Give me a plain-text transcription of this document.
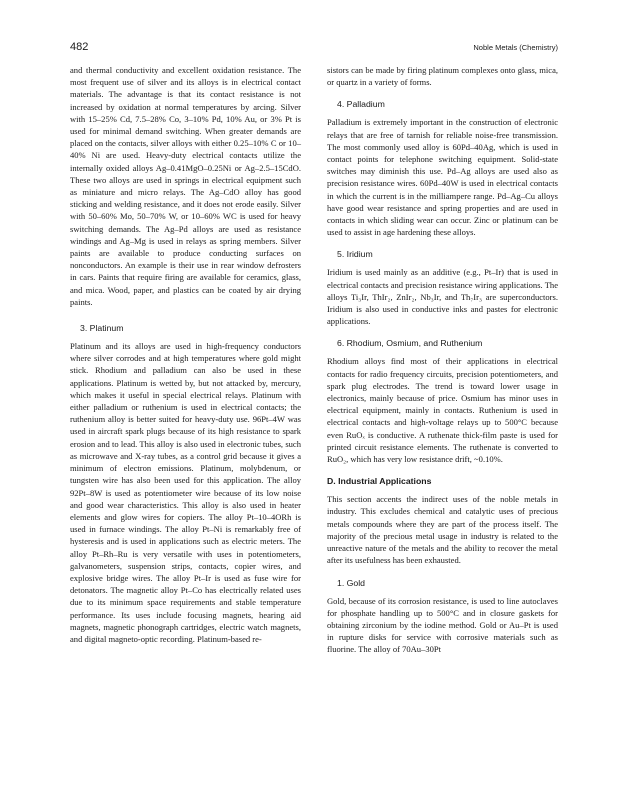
482	Noble Metals (Chemistry)

and thermal conductivity and excellent oxidation resistance. The most frequent use of silver and its alloys is in electrical contact materials. The advantage is that its contact resistance is not increased by oxidation at normal temperatures by arcing. Silver with 15–25% Cd, 7.5–28% Co, 3–10% Pd, 10% Au, or 3% Pt is used for minimal demand switching. When greater demands are placed on the contacts, silver alloys with either 0.25–10% C or 10–40% Ni are used. Heavy-duty electrical contacts utilize the internally oxided alloys Ag–0.41MgO–0.25Ni or Ag–2.5–15CdO. These two alloys are used in springs in electrical equipment such as miniature and micro relays. The Ag–CdO alloy has good sticking and welding resistance, and it does not erode easily. Silver with 50–60% Mo, 50–70% W, or 10–60% WC is used for heavy switching demands. The Ag–Pd alloys are used as resistance windings and Ag–Mg is used in relays as spring members. Silver paints are available to produce conducting surfaces on nonconductors. An example is their use in rear window defrosters in cars. Paints that require firing are available for ceramics, glass, and mica. Wood, paper, and plastics can be coated by air drying paints.

3. Platinum

Platinum and its alloys are used in high-frequency conductors where silver corrodes and at high temperatures where gold might stick. Rhodium and palladium can also be used in these applications. Platinum is wetted by, but not attacked by, mercury, which makes it useful in special electrical relays. Platinum with either palladium or ruthenium is used in electrical contacts; the ruthenium alloy is better suited for heavy-duty use. 96Pt–4W was used in aircraft spark plugs because of its high resistance to spark erosion and to lead. This alloy is also used in electronic tubes, such as microwave and X-ray tubes, as a control grid because it gives a minimum of electron emissions. Platinum, molybdenum, or tungsten wire has also been used for this application. The alloy 92Pt–8W is used as potentiometer wire because of its low noise and good wear characteristics. This alloy is also used in heater elements and glow wires for copiers. The alloy Pt–10–4ORh is used in furnace windings. The alloy Pt–Ni is remarkably free of hysteresis and is used in applications such as electric meters. The alloy Pt–Rh–Ru is very versatile with uses in potentiometers, galvanometers, suspension strips, contacts, copier wires, and explosive bridge wires. The alloy Pt–Ir is used as fuse wire for detonators. The magnetic alloy Pt–Co has electrically related uses due to its minimum space requirements and stable temperature performance. Its uses include focusing magnets, hearing aid magnets, magnetic phonograph cartridges, electric watch magnets, and digital magneto-optic recording. Platinum-based re-

sistors can be made by firing platinum complexes onto glass, mica, or quartz in a variety of forms.

4. Palladium

Palladium is extremely important in the construction of electronic relays that are free of tarnish for reliable noise-free transmission. The most commonly used alloy is 60Pd–40Ag, which is used in contact points for telephone switching equipment. Solid-state switches may diminish this use. Pd–Ag alloys are used also as precision resistance wires. 60Pd–40W is used in electrical contacts in which the current is in the milliampere range. Pd–Ag–Cu alloys have good wear resistance and spring properties and are used in contacts in which sliding wear can occur. Zinc or platinum can be used to assist in age hardening these alloys.

5. Iridium

Iridium is used mainly as an additive (e.g., Pt–Ir) that is used in electrical contacts and precision resistance wiring applications. The alloys Ti₃Ir, ThIr₂, ZnIr₂, Nb₃Ir, and Th₇Ir₃ are superconductors. Iridium is also used in conductive inks and pastes for electronic applications.

6. Rhodium, Osmium, and Ruthenium

Rhodium alloys find most of their applications in electrical contacts for radio frequency circuits, precision potentiometers, and spark plug electrodes. The trend is toward lower usage in electronics, mainly because of price. Osmium has minor uses in electrical equipment, mainly in contacts. Ruthenium is used in electrical contacts and high-voltage relays up to 500°C because even RuOₓ is conductive. A ruthenate thick-film paste is used for printed circuit resistance elements. The ruthenate is converted to RuO₂, which has very low resistance drift, ~0.10%.

D. Industrial Applications

This section accents the indirect uses of the noble metals in industry. This excludes chemical and catalytic uses of precious metals compounds where they are part of the process itself. The majority of the precious metal usage in industry is related to the unreactive nature of the metals and the ability to recover the metal after its usefulness has been exhausted.

1. Gold

Gold, because of its corrosion resistance, is used to line autoclaves for phosphate handling up to 500°C and in closure gaskets for obtaining zirconium by the iodine method. Gold or Au–Pt is used in rupture disks for service with corrosive materials such as fluorine. The alloy of 70Au–30Pt
